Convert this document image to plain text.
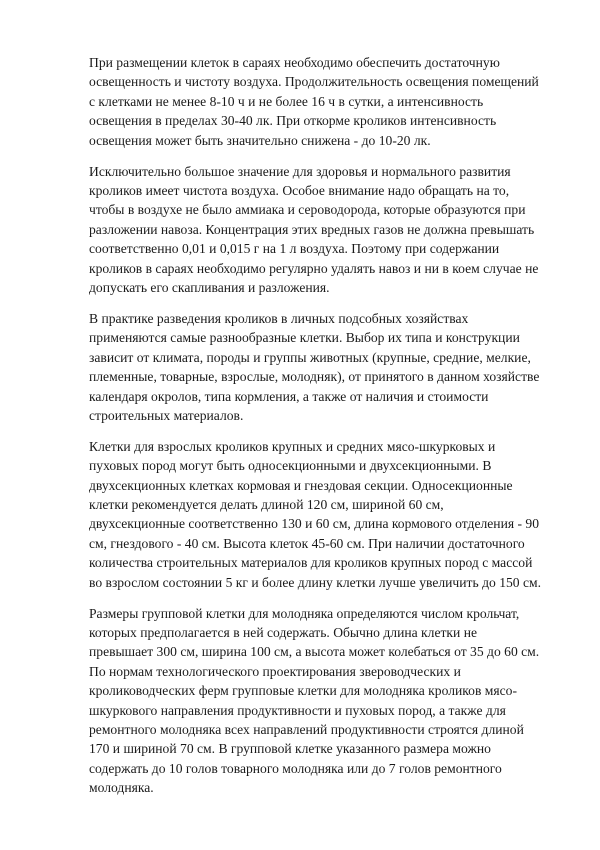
При размещении клеток в сараях необходимо обеспечить достаточную
освещенность и чистоту воздуха. Продолжительность освещения помещений
с клетками не менее 8-10 ч и не более 16 ч в сутки, а интенсивность
освещения в пределах 30-40 лк. При откорме кроликов интенсивность
освещения может быть значительно снижена - до 10-20 лк.

Исключительно большое значение для здоровья и нормального развития
кроликов имеет чистота воздуха. Особое внимание надо обращать на то,
чтобы в воздухе не было аммиака и сероводорода, которые образуются при
разложении навоза. Концентрация этих вредных газов не должна превышать
соответственно 0,01 и 0,015 г на 1 л воздуха. Поэтому при содержании
кроликов в сараях необходимо регулярно удалять навоз и ни в коем случае не
допускать его скапливания и разложения.

В практике разведения кроликов в личных подсобных хозяйствах
применяются самые разнообразные клетки. Выбор их типа и конструкции
зависит от климата, породы и группы животных (крупные, средние, мелкие,
племенные, товарные, взрослые, молодняк), от принятого в данном хозяйстве
календаря окролов, типа кормления, а также от наличия и стоимости
строительных материалов.

Клетки для взрослых кроликов крупных и средних мясо-шкурковых и
пуховых пород могут быть односекционными и двухсекционными. В
двухсекционных клетках кормовая и гнездовая секции. Односекционные
клетки рекомендуется делать длиной 120 см, шириной 60 см,
двухсекционные соответственно 130 и 60 см, длина кормового отделения - 90
см, гнездового - 40 см. Высота клеток 45-60 см. При наличии достаточного
количества строительных материалов для кроликов крупных пород с массой
во взрослом состоянии 5 кг и более длину клетки лучше увеличить до 150 см.

Размеры групповой клетки для молодняка определяются числом крольчат,
которых предполагается в ней содержать. Обычно длина клетки не
превышает 300 см, ширина 100 см, а высота может колебаться от 35 до 60 см.
По нормам технологического проектирования звероводческих и
кролиководческих ферм групповые клетки для молодняка кроликов мясо-
шкуркового направления продуктивности и пуховых пород, а также для
ремонтного молодняка всех направлений продуктивности строятся длиной
170 и шириной 70 см. В групповой клетке указанного размера можно
содержать до 10 голов товарного молодняка или до 7 голов ремонтного
молодняка.
